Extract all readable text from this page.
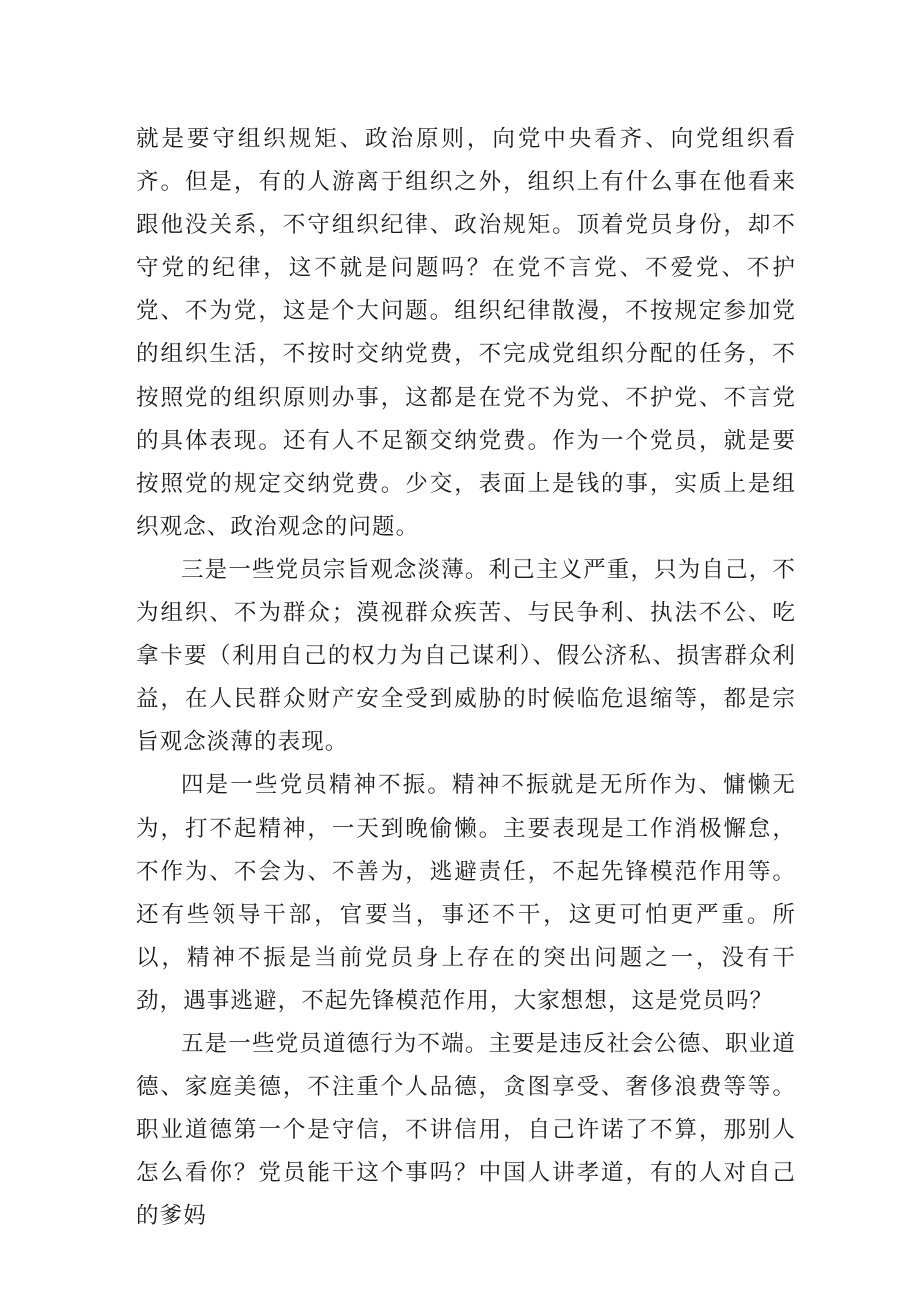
就是要守组织规矩、政治原则，向党中央看齐、向党组织看齐。但是，有的人游离于组织之外，组织上有什么事在他看来跟他没关系，不守组织纪律、政治规矩。顶着党员身份，却不守党的纪律，这不就是问题吗？在党不言党、不爱党、不护党、不为党，这是个大问题。组织纪律散漫，不按规定参加党的组织生活，不按时交纳党费，不完成党组织分配的任务，不按照党的组织原则办事，这都是在党不为党、不护党、不言党的具体表现。还有人不足额交纳党费。作为一个党员，就是要按照党的规定交纳党费。少交，表面上是钱的事，实质上是组织观念、政治观念的问题。

三是一些党员宗旨观念淡薄。利己主义严重，只为自己，不为组织、不为群众；漠视群众疾苦、与民争利、执法不公、吃拿卡要（利用自己的权力为自己谋利）、假公济私、损害群众利益，在人民群众财产安全受到威胁的时候临危退缩等，都是宗旨观念淡薄的表现。

四是一些党员精神不振。精神不振就是无所作为、慵懒无为，打不起精神，一天到晚偷懒。主要表现是工作消极懈怠，不作为、不会为、不善为，逃避责任，不起先锋模范作用等。还有些领导干部，官要当，事还不干，这更可怕更严重。所以，精神不振是当前党员身上存在的突出问题之一，没有干劲，遇事逃避，不起先锋模范作用，大家想想，这是党员吗？

五是一些党员道德行为不端。主要是违反社会公德、职业道德、家庭美德，不注重个人品德，贪图享受、奢侈浪费等等。职业道德第一个是守信，不讲信用，自己许诺了不算，那别人怎么看你？党员能干这个事吗？中国人讲孝道，有的人对自己的爹妈
